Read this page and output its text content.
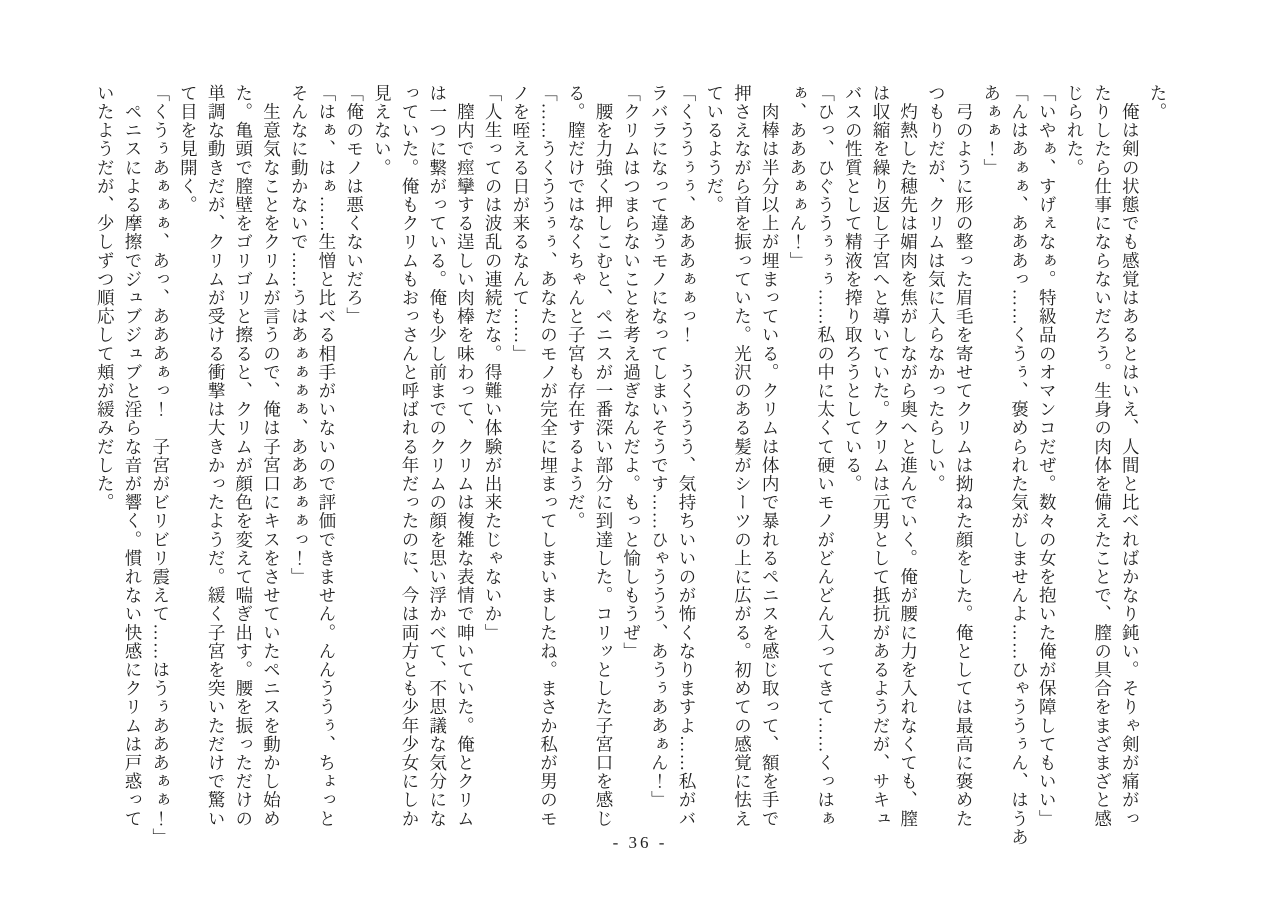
た。
　俺は剣の状態でも感覚はあるとはいえ、人間と比べればかなり鈍い。そりゃ剣が痛がっ
たりしたら仕事にならないだろう。生身の肉体を備えたことで、膣の具合をまざまざと感
じられた。
「いやぁ、すげぇなぁ。特級品のオマンコだぜ。数々の女を抱いた俺が保障してもいい」
「んはあぁぁ、あああっ……くうぅ、褒められた気がしませんよ……ひゃううぅん、はうあ
あぁぁ！」
　弓のように形の整った眉毛を寄せてクリムは拗ねた顔をした。俺としては最高に褒めた
つもりだが、クリムは気に入らなかったらしい。
　灼熱した穂先は媚肉を焦がしながら奥へと進んでいく。俺が腰に力を入れなくても、膣
は収縮を繰り返し子宮へと導いていた。クリムは元男として抵抗があるようだが、サキュ
バスの性質として精液を搾り取ろうとしている。
「ひっ、ひぐううぅぅぅ……私の中に太くて硬いモノがどんどん入ってきて……くっはぁ
ぁ、あああぁぁん！」
　肉棒は半分以上が埋まっている。クリムは体内で暴れるペニスを感じ取って、額を手で
押さえながら首を振っていた。光沢のある髪がシーツの上に広がる。初めての感覚に怯え
ているようだ。
「くううぅぅ、あああぁぁっ！　うくううう、気持ちいいのが怖くなりますよ……私がバ
ラバラになって違うモノになってしまいそうです……ひゃううう、あうぅああぁん！」
「クリムはつまらないことを考え過ぎなんだよ。もっと愉しもうぜ」
　腰を力強く押しこむと、ペニスが一番深い部分に到達した。コリッとした子宮口を感じ
る。膣だけではなくちゃんと子宮も存在するようだ。
「……うくううぅぅ、あなたのモノが完全に埋まってしまいましたね。まさか私が男のモ
ノを咥える日が来るなんて……」
「人生ってのは波乱の連続だな。得難い体験が出来たじゃないか」
　膣内で痙攣する逞しい肉棒を味わって、クリムは複雑な表情で呻いていた。俺とクリム
は一つに繋がっている。俺も少し前までのクリムの顔を思い浮かべて、不思議な気分にな
っていた。俺もクリムもおっさんと呼ばれる年だったのに、今は両方とも少年少女にしか
見えない。
「俺のモノは悪くないだろ」
「はぁ、はぁ……生憎と比べる相手がいないので評価できません。んんううぅ、ちょっと
そんなに動かないで……うはあぁぁぁぁ、あああぁぁっ！」
　生意気なことをクリムが言うので、俺は子宮口にキスをさせていたペニスを動かし始め
た。亀頭で膣壁をゴリゴリと擦ると、クリムが顔色を変えて喘ぎ出す。腰を振っただけの
単調な動きだが、クリムが受ける衝撃は大きかったようだ。緩く子宮を突いただけで驚い
て目を見開く。
「くうぅあぁぁぁ、あっ、あああぁっ！　子宮がビリビリ震えて……はうぅあああぁぁ！」
　ペニスによる摩擦でジュブジュブと淫らな音が響く。慣れない快感にクリムは戸惑って
いたようだが、少しずつ順応して頬が緩みだした。
- 36 -
